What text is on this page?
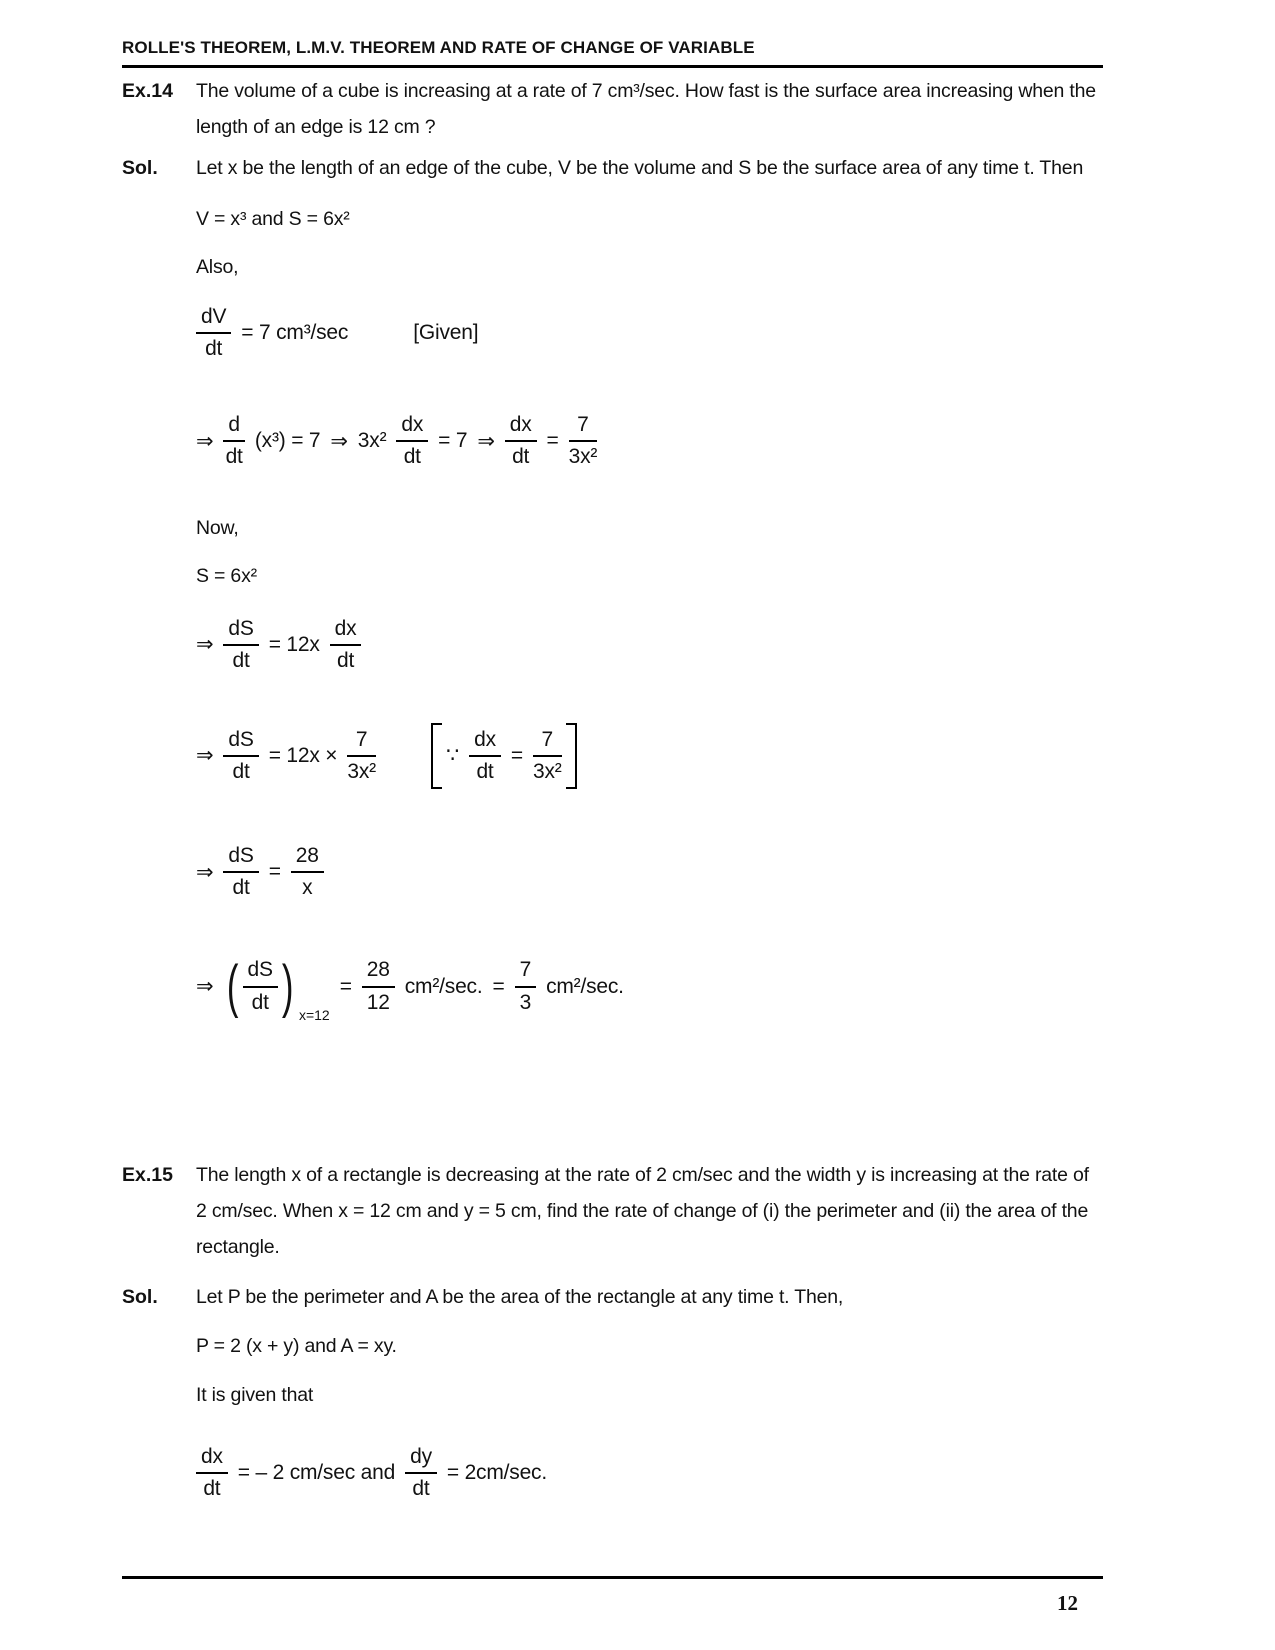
ROLLE'S THEOREM, L.M.V. THEOREM AND RATE OF CHANGE OF VARIABLE
Ex.14	The volume of a cube is increasing at a rate of 7 cm³/sec. How fast is the surface area increasing when the length of an edge is 12 cm ?
Sol.	Let x be the length of an edge of the cube, V be the volume and S be the surface area of any time t. Then
V = x³ and S = 6x²
Also,
$\frac{dV}{dt} = 7$ cm³/sec	[Given]
⇒ $\frac{d}{dt} (x^3) = 7$ ⇒ $3x^2 \frac{dx}{dt} = 7$ ⇒ $\frac{dx}{dt} = \frac{7}{\text{3x²}}$
Now,
S = 6x²
⇒ $\frac{dS}{dt} = 12x \frac{dx}{dt}$
⇒ $\frac{dS}{dt} = 12x \times \frac{7}{\text{3x²}}$	∵ $\frac{dx}{dt} = \frac{7}{\text{3x²}}$
⇒ $\frac{dS}{dt} = \frac{28}{x}$
⇒ ( $\frac{dS}{dt}$ ) x=12
= $\frac{28}{12} cm^2/\sec$. = $\frac{7}{3} cm^2/\sec$.
Ex.15	The length x of a rectangle is decreasing at the rate of 2 cm/sec and the width y is increasing at the rate of 2 cm/sec. When x = 12 cm and y = 5 cm, find the rate of change of (i) the perimeter and (ii) the area of the rectangle.
Sol.	Let P be the perimeter and A be the area of the rectangle at any time t. Then,
P = 2 (x + y) and A = xy.
It is given that
$\frac{dx}{dt}$ = – 2 cm/sec and $\frac{dy}{dt} = 2cm/\sec$.
12
